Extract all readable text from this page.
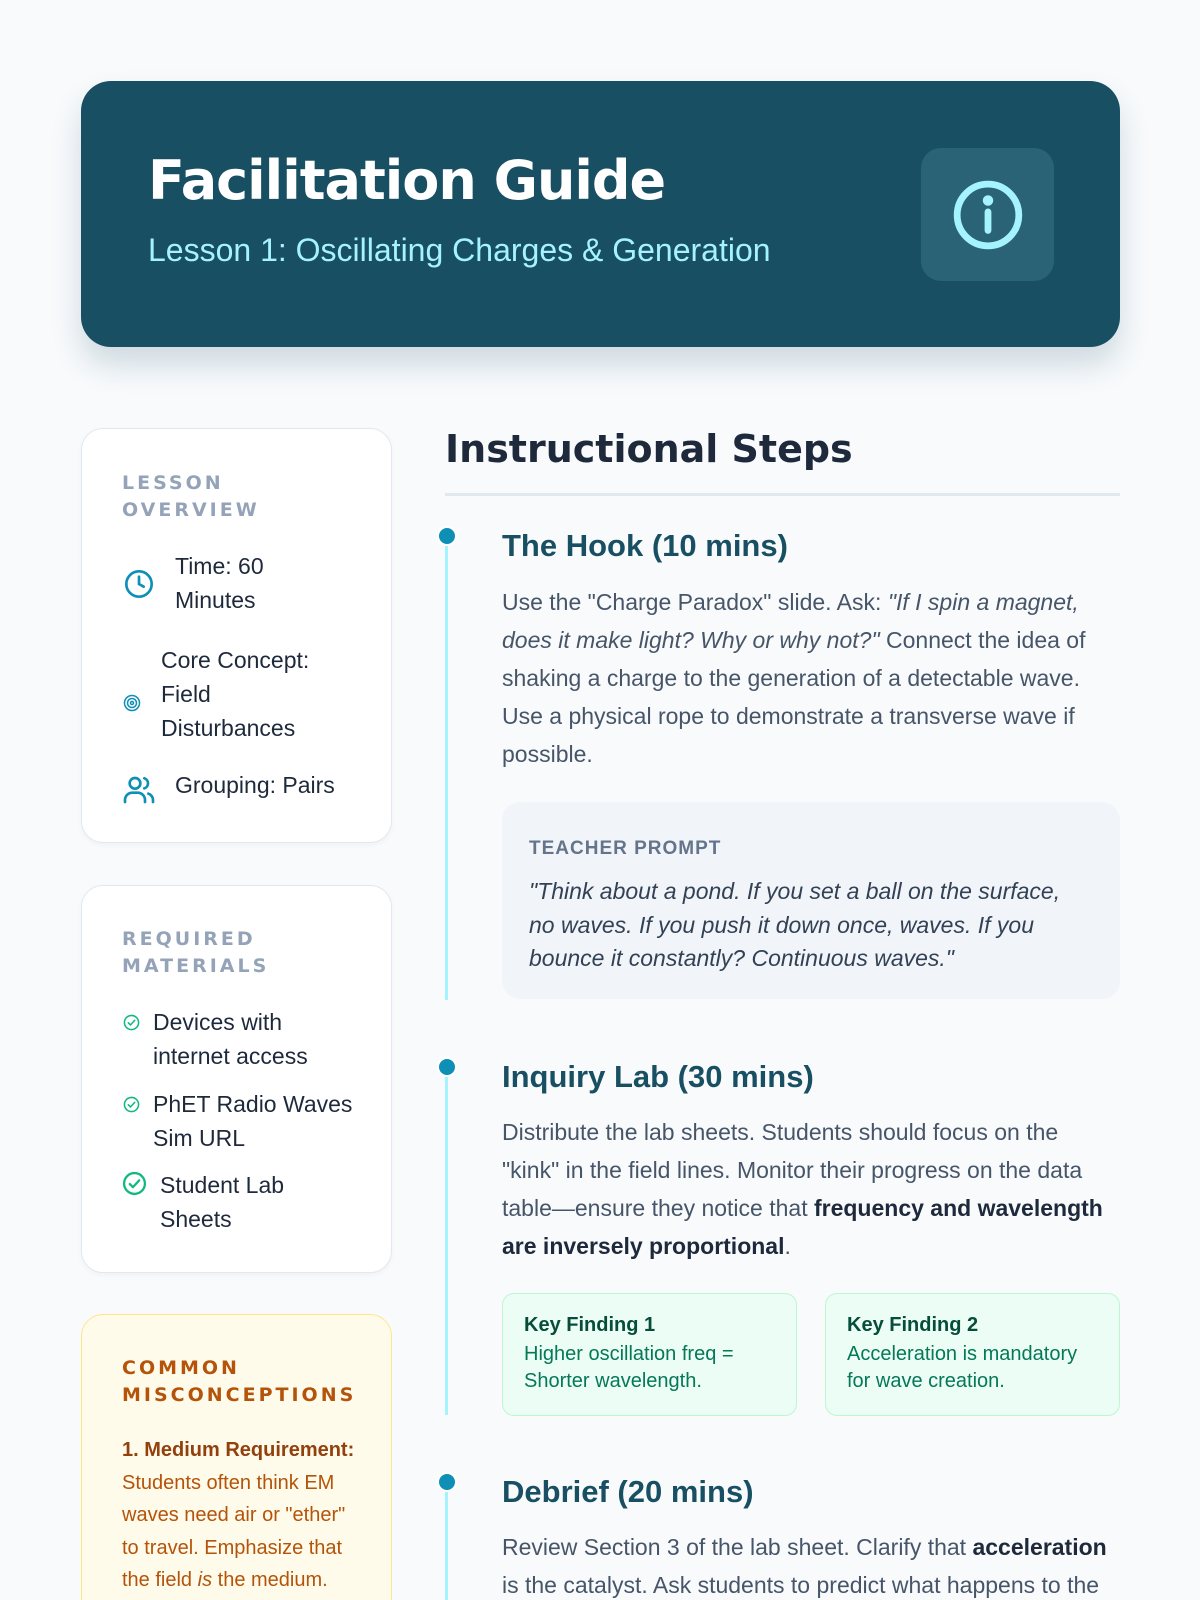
Facilitation Guide
Lesson 1: Oscillating Charges & Generation
LESSON OVERVIEW
Time: 60 Minutes
Core Concept: Field Disturbances
Grouping: Pairs
REQUIRED MATERIALS
Devices with internet access
PhET Radio Waves Sim URL
Student Lab Sheets
COMMON MISCONCEPTIONS

1. Medium Requirement: Students often think EM waves need air or "ether" to travel. Emphasize that the field is the medium.

Instructional Steps
The Hook (10 mins)

Use the "Charge Paradox" slide. Ask: "If I spin a magnet, does it make light? Why or why not?" Connect the idea of shaking a charge to the generation of a detectable wave. Use a physical rope to demonstrate a transverse wave if possible.

TEACHER PROMPT
"Think about a pond. If you set a ball on the surface, no waves. If you push it down once, waves. If you bounce it constantly? Continuous waves."
Inquiry Lab (30 mins)

Distribute the lab sheets. Students should focus on the "kink" in the field lines. Monitor their progress on the data table—ensure they notice that frequency and wavelength are inversely proportional.

Key Finding 1
Higher oscillation freq = Shorter wavelength.
Key Finding 2
Acceleration is mandatory for wave creation.
Debrief (20 mins)

Review Section 3 of the lab sheet. Clarify that acceleration is the catalyst. Ask students to predict what happens to the
